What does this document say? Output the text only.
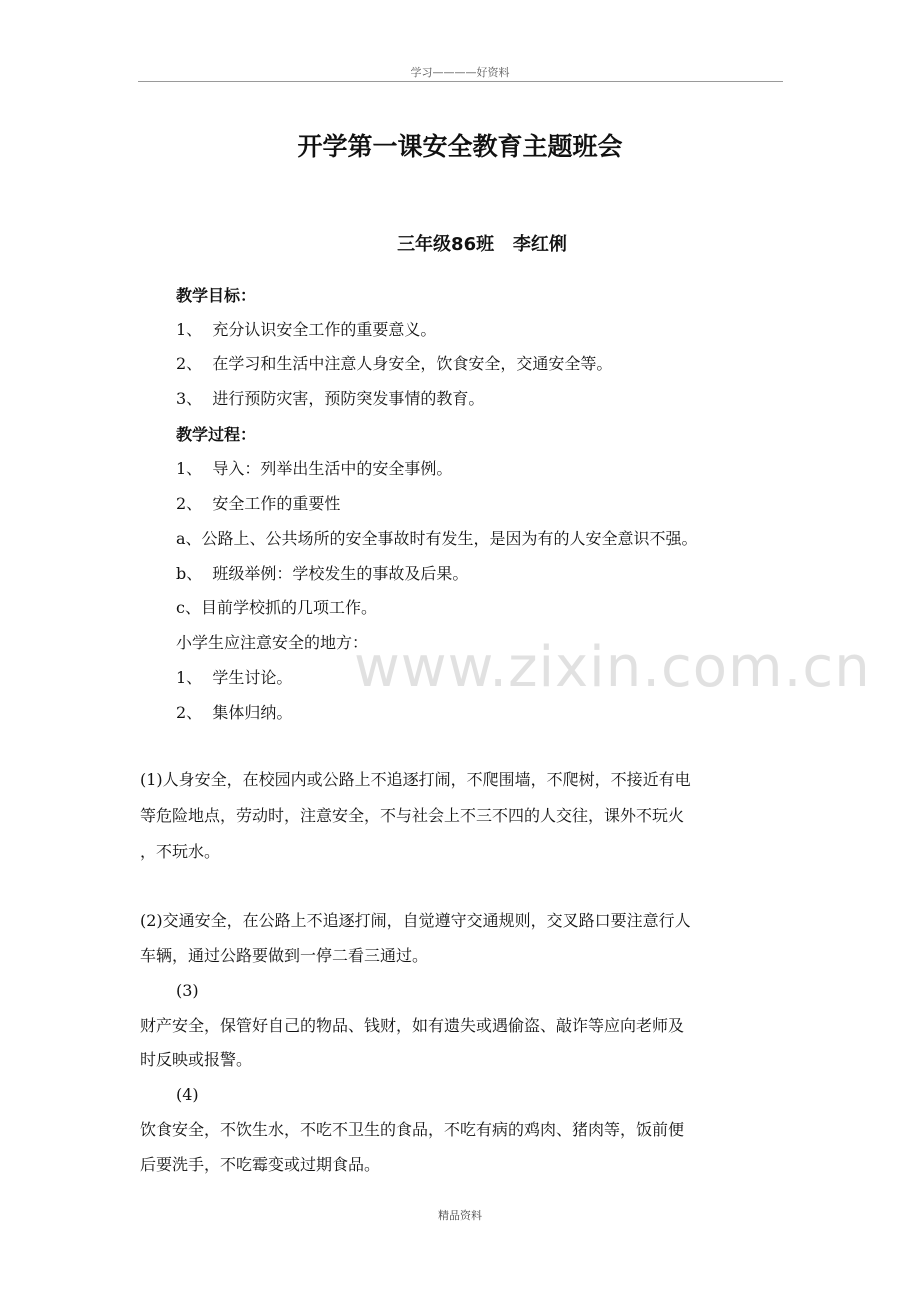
学习————好资料
开学第一课安全教育主题班会
三年级86班   李红俐
教学目标：
1、  充分认识安全工作的重要意义。
2、  在学习和生活中注意人身安全，饮食安全，交通安全等。
3、  进行预防灾害，预防突发事情的教育。
教学过程：
1、  导入：列举出生活中的安全事例。
2、  安全工作的重要性
a、公路上、公共场所的安全事故时有发生，是因为有的人安全意识不强。
b、  班级举例：学校发生的事故及后果。
c、目前学校抓的几项工作。
小学生应注意安全的地方：
1、  学生讨论。
2、  集体归纳。
www.zixin.com.cn
(1)人身安全，在校园内或公路上不追逐打闹，不爬围墙，不爬树，不接近有电
等危险地点，劳动时，注意安全，不与社会上不三不四的人交往，课外不玩火
，不玩水。
(2)交通安全，在公路上不追逐打闹，自觉遵守交通规则，交叉路口要注意行人
车辆，通过公路要做到一停二看三通过。
(3)
财产安全，保管好自己的物品、钱财，如有遗失或遇偷盗、敲诈等应向老师及
时反映或报警。
(4)
饮食安全，不饮生水，不吃不卫生的食品，不吃有病的鸡肉、猪肉等，饭前便
后要洗手，不吃霉变或过期食品。
精品资料
